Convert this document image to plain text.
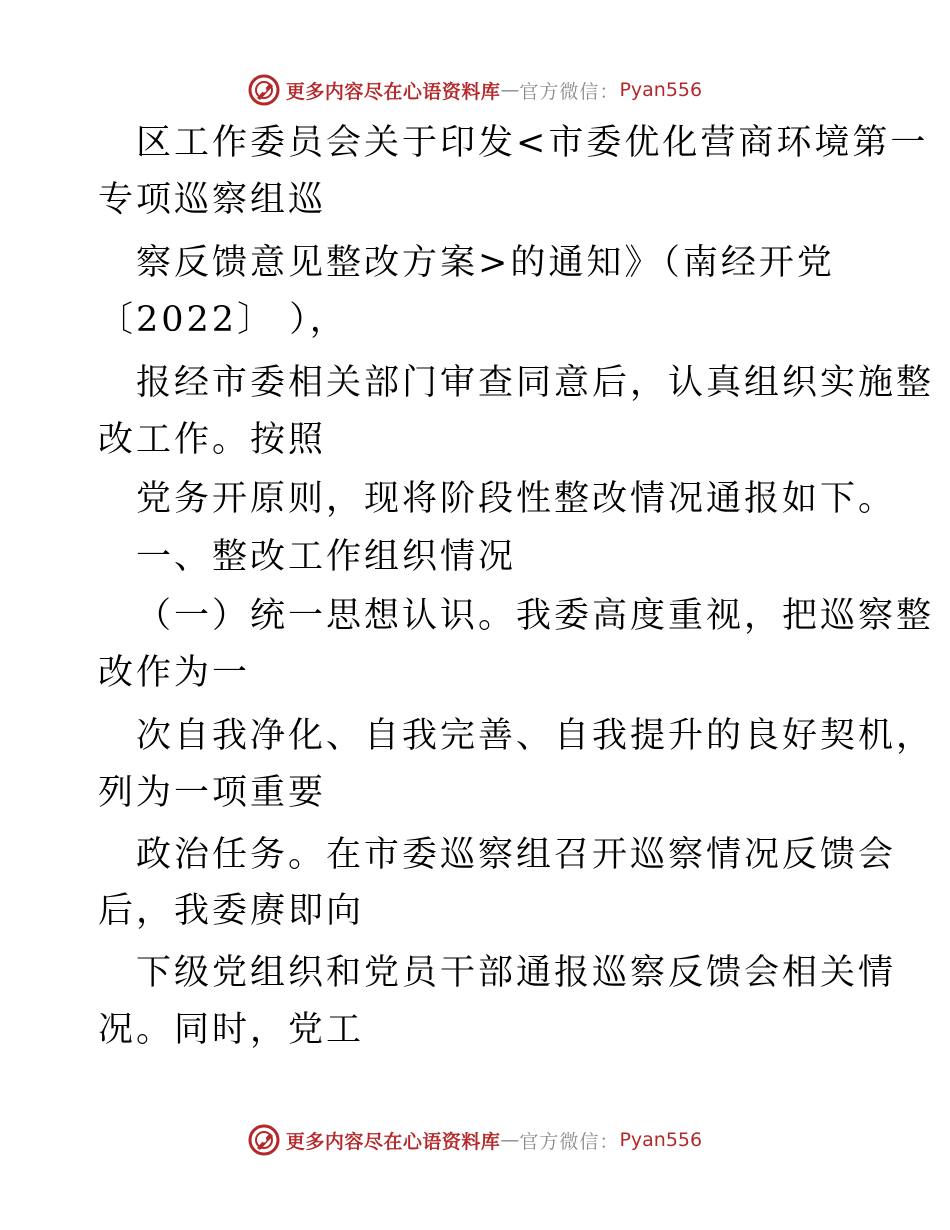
更多内容尽在心语资料库 — 官方微信： Pyan556
区工作委员会关于印发<市委优化营商环境第一
专项巡察组巡
察反馈意见整改方案>的通知》（南经开党
〔2022〕 ），
报经市委相关部门审查同意后，认真组织实施整
改工作。按照
党务开原则，现将阶段性整改情况通报如下。
一、整改工作组织情况
（一）统一思想认识。我委高度重视，把巡察整
改作为一
次自我净化、自我完善、自我提升的良好契机，
列为一项重要
政治任务。在市委巡察组召开巡察情况反馈会
后，我委赓即向
下级党组织和党员干部通报巡察反馈会相关情
况。同时，党工
更多内容尽在心语资料库 — 官方微信： Pyan556
